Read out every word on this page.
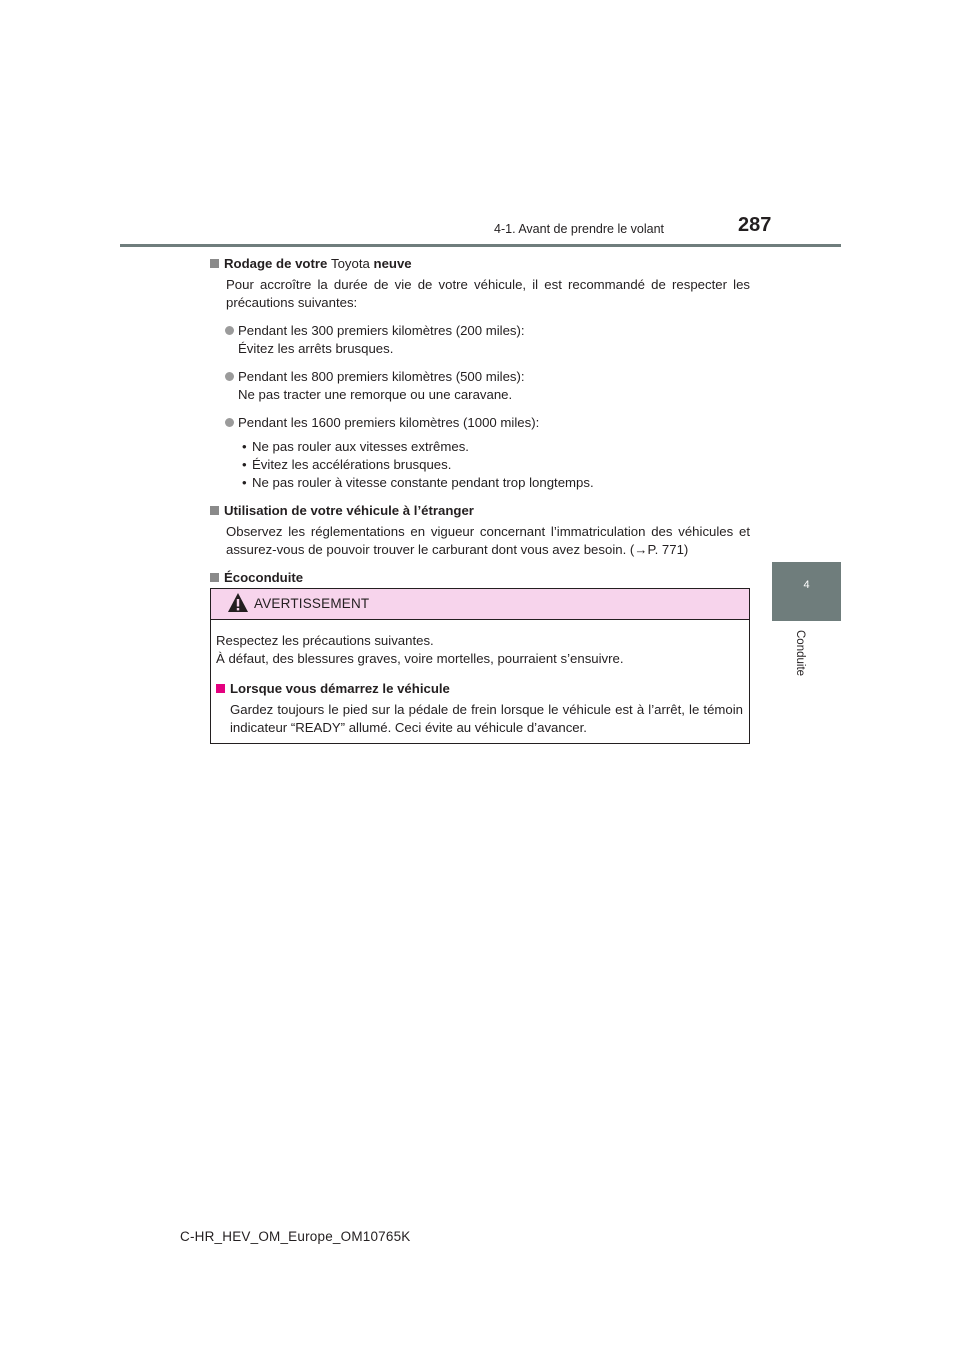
4-1. Avant de prendre le volant	287
4
Conduite
Rodage de votre Toyota neuve
Pour accroître la durée de vie de votre véhicule, il est recommandé de respecter les précautions suivantes:
Pendant les 300 premiers kilomètres (200 miles):
Évitez les arrêts brusques.
Pendant les 800 premiers kilomètres (500 miles):
Ne pas tracter une remorque ou une caravane.
Pendant les 1600 premiers kilomètres (1000 miles):
• Ne pas rouler aux vitesses extrêmes.
• Évitez les accélérations brusques.
• Ne pas rouler à vitesse constante pendant trop longtemps.
Utilisation de votre véhicule à l’étranger
Observez les réglementations en vigueur concernant l’immatriculation des véhicules et assurez-vous de pouvoir trouver le carburant dont vous avez besoin. (→P. 771)
Écoconduite
AVERTISSEMENT
Respectez les précautions suivantes.
À défaut, des blessures graves, voire mortelles, pourraient s’ensuivre.
Lorsque vous démarrez le véhicule
Gardez toujours le pied sur la pédale de frein lorsque le véhicule est à l’arrêt, le témoin indicateur “READY” allumé. Ceci évite au véhicule d’avancer.
C-HR_HEV_OM_Europe_OM10765K
